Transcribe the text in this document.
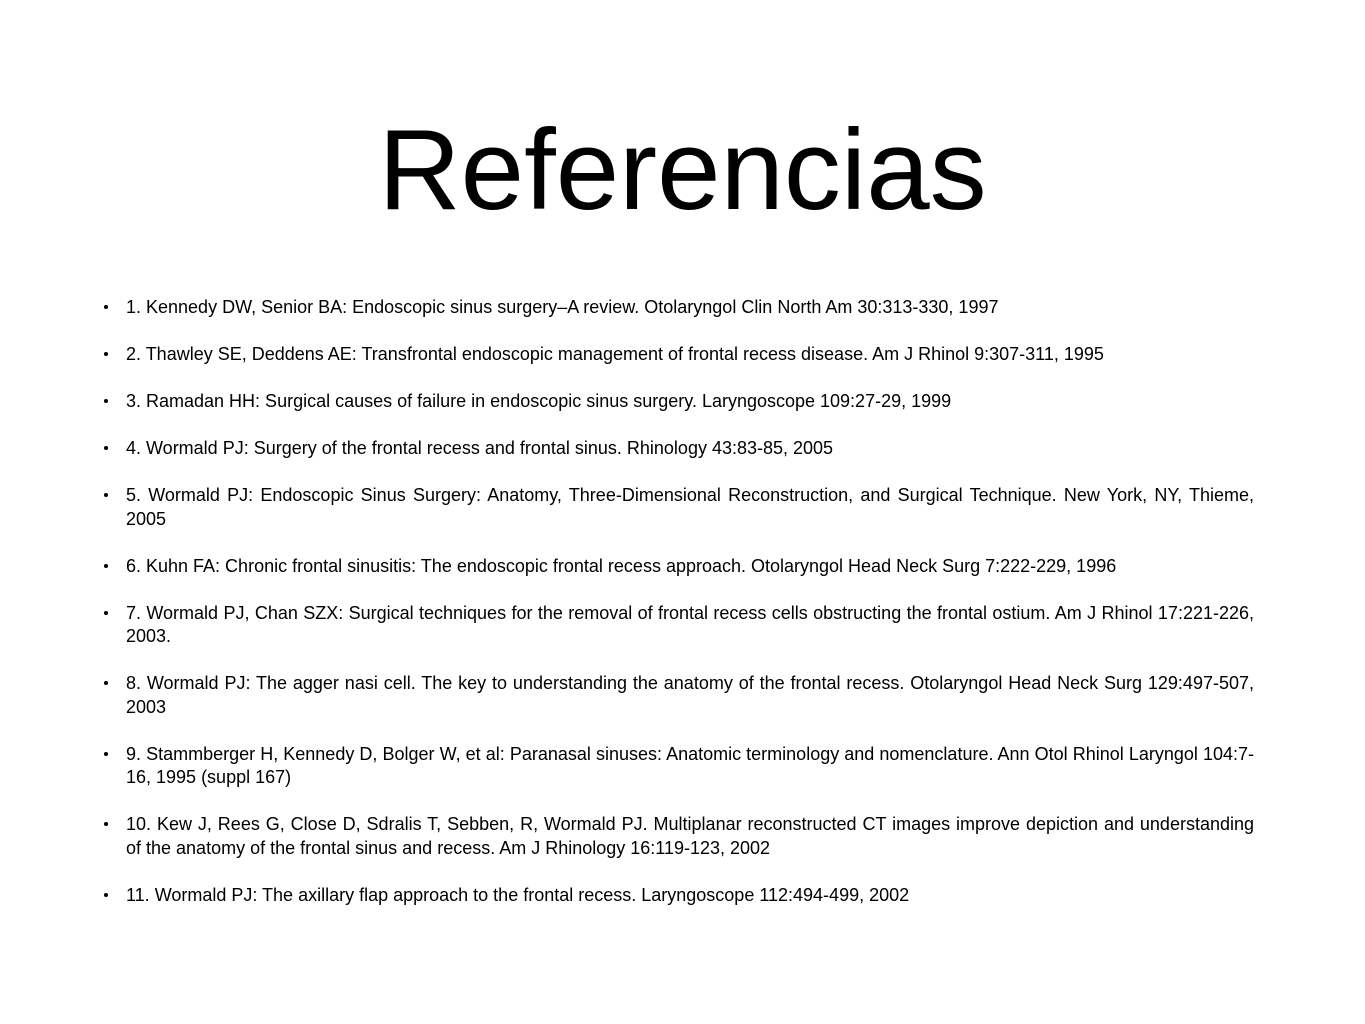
Referencias
1. Kennedy DW, Senior BA: Endoscopic sinus surgery–A review. Otolaryngol Clin North Am 30:313-330, 1997
2. Thawley SE, Deddens AE: Transfrontal endoscopic management of frontal recess disease. Am J Rhinol 9:307-311, 1995
3. Ramadan HH: Surgical causes of failure in endoscopic sinus surgery. Laryngoscope 109:27-29, 1999
4. Wormald PJ: Surgery of the frontal recess and frontal sinus. Rhinology 43:83-85, 2005
5. Wormald PJ: Endoscopic Sinus Surgery: Anatomy, Three-Dimensional Reconstruction, and Surgical Technique. New York, NY, Thieme, 2005
6. Kuhn FA: Chronic frontal sinusitis: The endoscopic frontal recess approach. Otolaryngol Head Neck Surg 7:222-229, 1996
7. Wormald PJ, Chan SZX: Surgical techniques for the removal of frontal recess cells obstructing the frontal ostium. Am J Rhinol 17:221-226, 2003.
8. Wormald PJ: The agger nasi cell. The key to understanding the anatomy of the frontal recess. Otolaryngol Head Neck Surg 129:497-507, 2003
9. Stammberger H, Kennedy D, Bolger W, et al: Paranasal sinuses: Anatomic terminology and nomenclature. Ann Otol Rhinol Laryngol 104:7-16, 1995 (suppl 167)
10. Kew J, Rees G, Close D, Sdralis T, Sebben, R, Wormald PJ. Multiplanar reconstructed CT images improve depiction and understanding of the anatomy of the frontal sinus and recess. Am J Rhinology 16:119-123, 2002
11. Wormald PJ: The axillary flap approach to the frontal recess. Laryngoscope 112:494-499, 2002
